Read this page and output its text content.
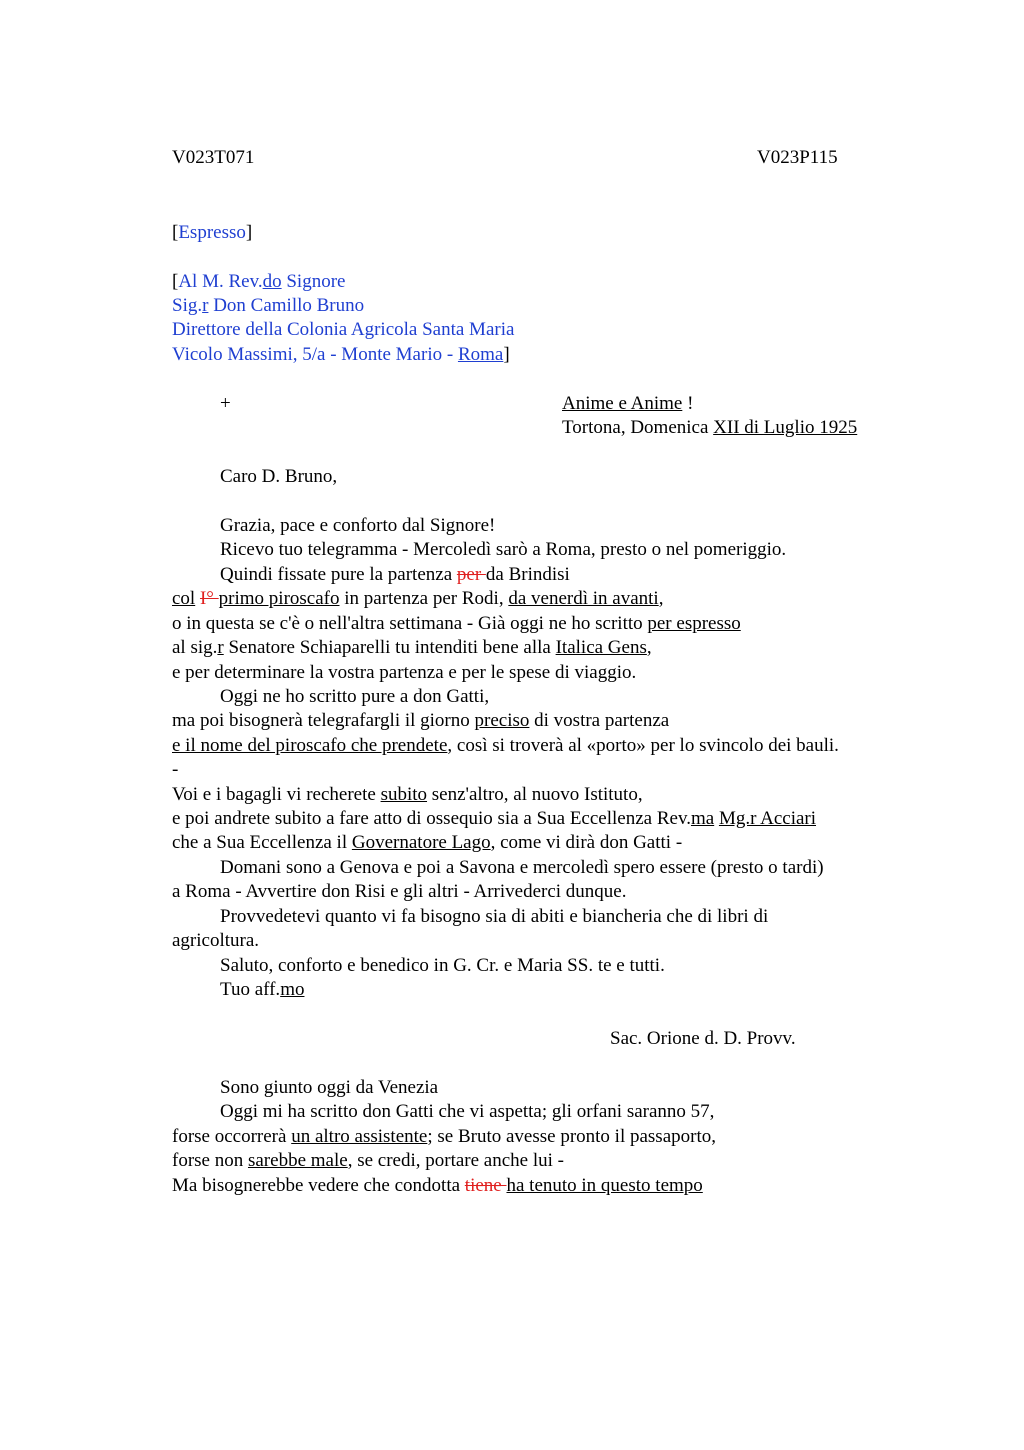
V023T071	V023P115
[Espresso]
[Al M. Rev.do Signore
Sig.r Don Camillo Bruno
Direttore della Colonia Agricola Santa Maria
Vicolo Massimi, 5/a - Monte Mario - Roma]
+	Anime e Anime !
Tortona, Domenica XII di Luglio 1925
Caro D. Bruno,
Grazia, pace e conforto dal Signore!
Ricevo tuo telegramma - Mercoledì sarò a Roma, presto o nel pomeriggio.
Quindi fissate pure la partenza per da Brindisi
col I° primo piroscafo in partenza per Rodi, da venerdì in avanti,
o in questa se c'è o nell'altra settimana - Già oggi ne ho scritto per espresso
al sig.r Senatore Schiaparelli tu intenditi bene alla Italica Gens,
e per determinare la vostra partenza e per le spese di viaggio.
Oggi ne ho scritto pure a don Gatti,
ma poi bisognerà telegrafargli il giorno preciso di vostra partenza
e il nome del piroscafo che prendete, così si troverà al «porto» per lo svincolo dei bauli.
-
Voi e i bagagli vi recherete subito senz'altro, al nuovo Istituto,
e poi andrete subito a fare atto di ossequio sia a Sua Eccellenza Rev.ma Mg.r Acciari
che a Sua Eccellenza il Governatore Lago, come vi dirà don Gatti -
Domani sono a Genova e poi a Savona e mercoledì spero essere (presto o tardi)
a Roma - Avvertire don Risi e gli altri - Arrivederci dunque.
Provvedetevi quanto vi fa bisogno sia di abiti e biancheria che di libri di
agricoltura.
Saluto, conforto e benedico in G. Cr. e Maria SS. te e tutti.
Tuo aff.mo
Sac. Orione d. D. Provv.
Sono giunto oggi da Venezia
Oggi mi ha scritto don Gatti che vi aspetta; gli orfani saranno 57,
forse occorrerà un altro assistente; se Bruto avesse pronto il passaporto,
forse non sarebbe male, se credi, portare anche lui -
Ma bisognerebbe vedere che condotta tiene ha tenuto in questo tempo
